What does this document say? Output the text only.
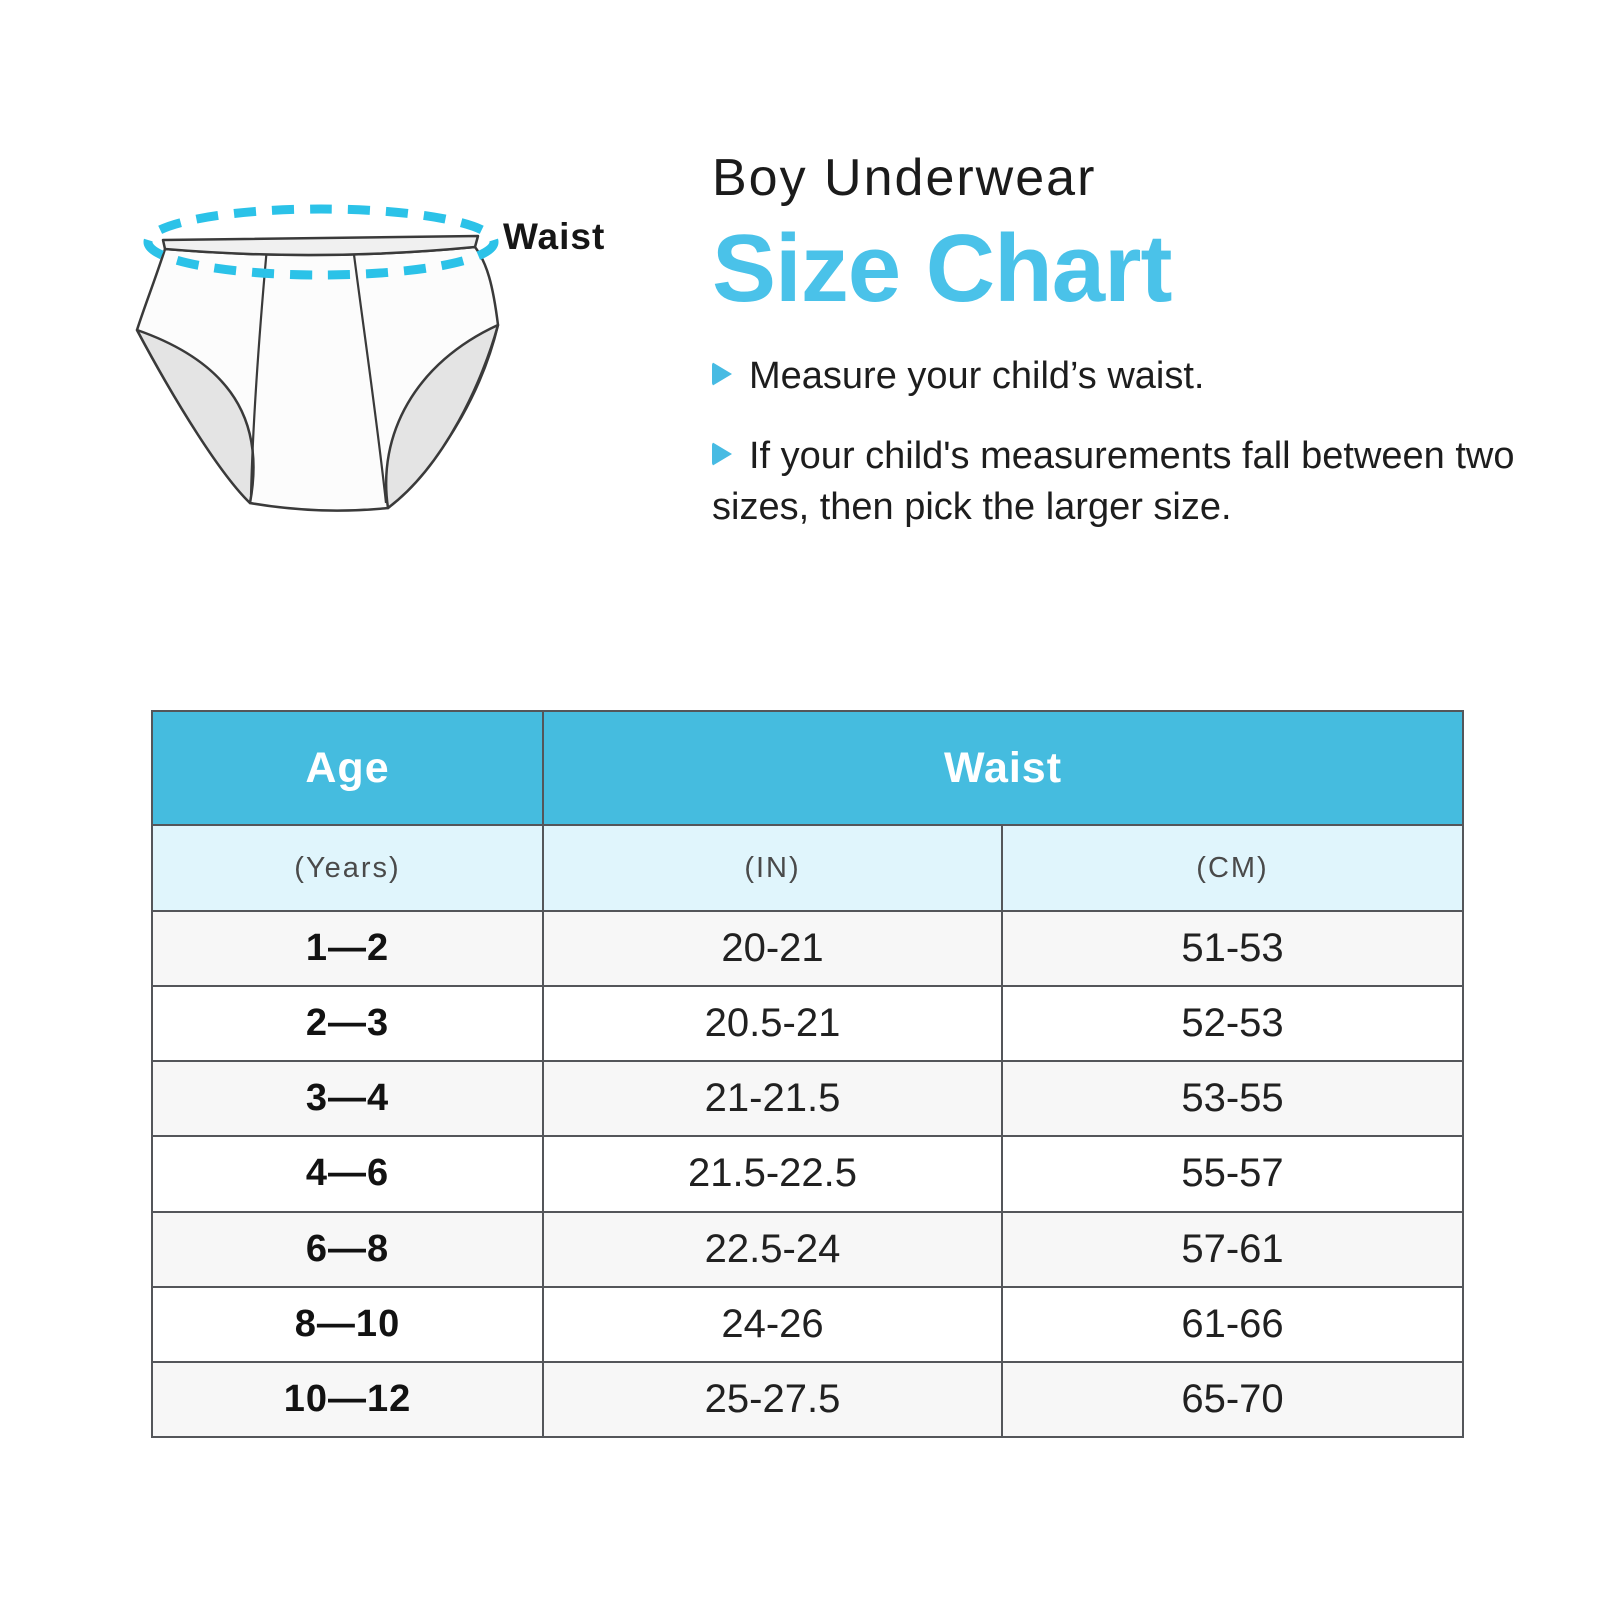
Waist
Boy Underwear
Size Chart

Measure your child’s waist.

If your child's measurements fall between two sizes, then pick the larger size.

Age	Waist	
(Years)	(IN)	(CM)
1—2	20-21	51-53
2—3	20.5-21	52-53
3—4	21-21.5	53-55
4—6	21.5-22.5	55-57
6—8	22.5-24	57-61
8—10	24-26	61-66
10—12	25-27.5	65-70
